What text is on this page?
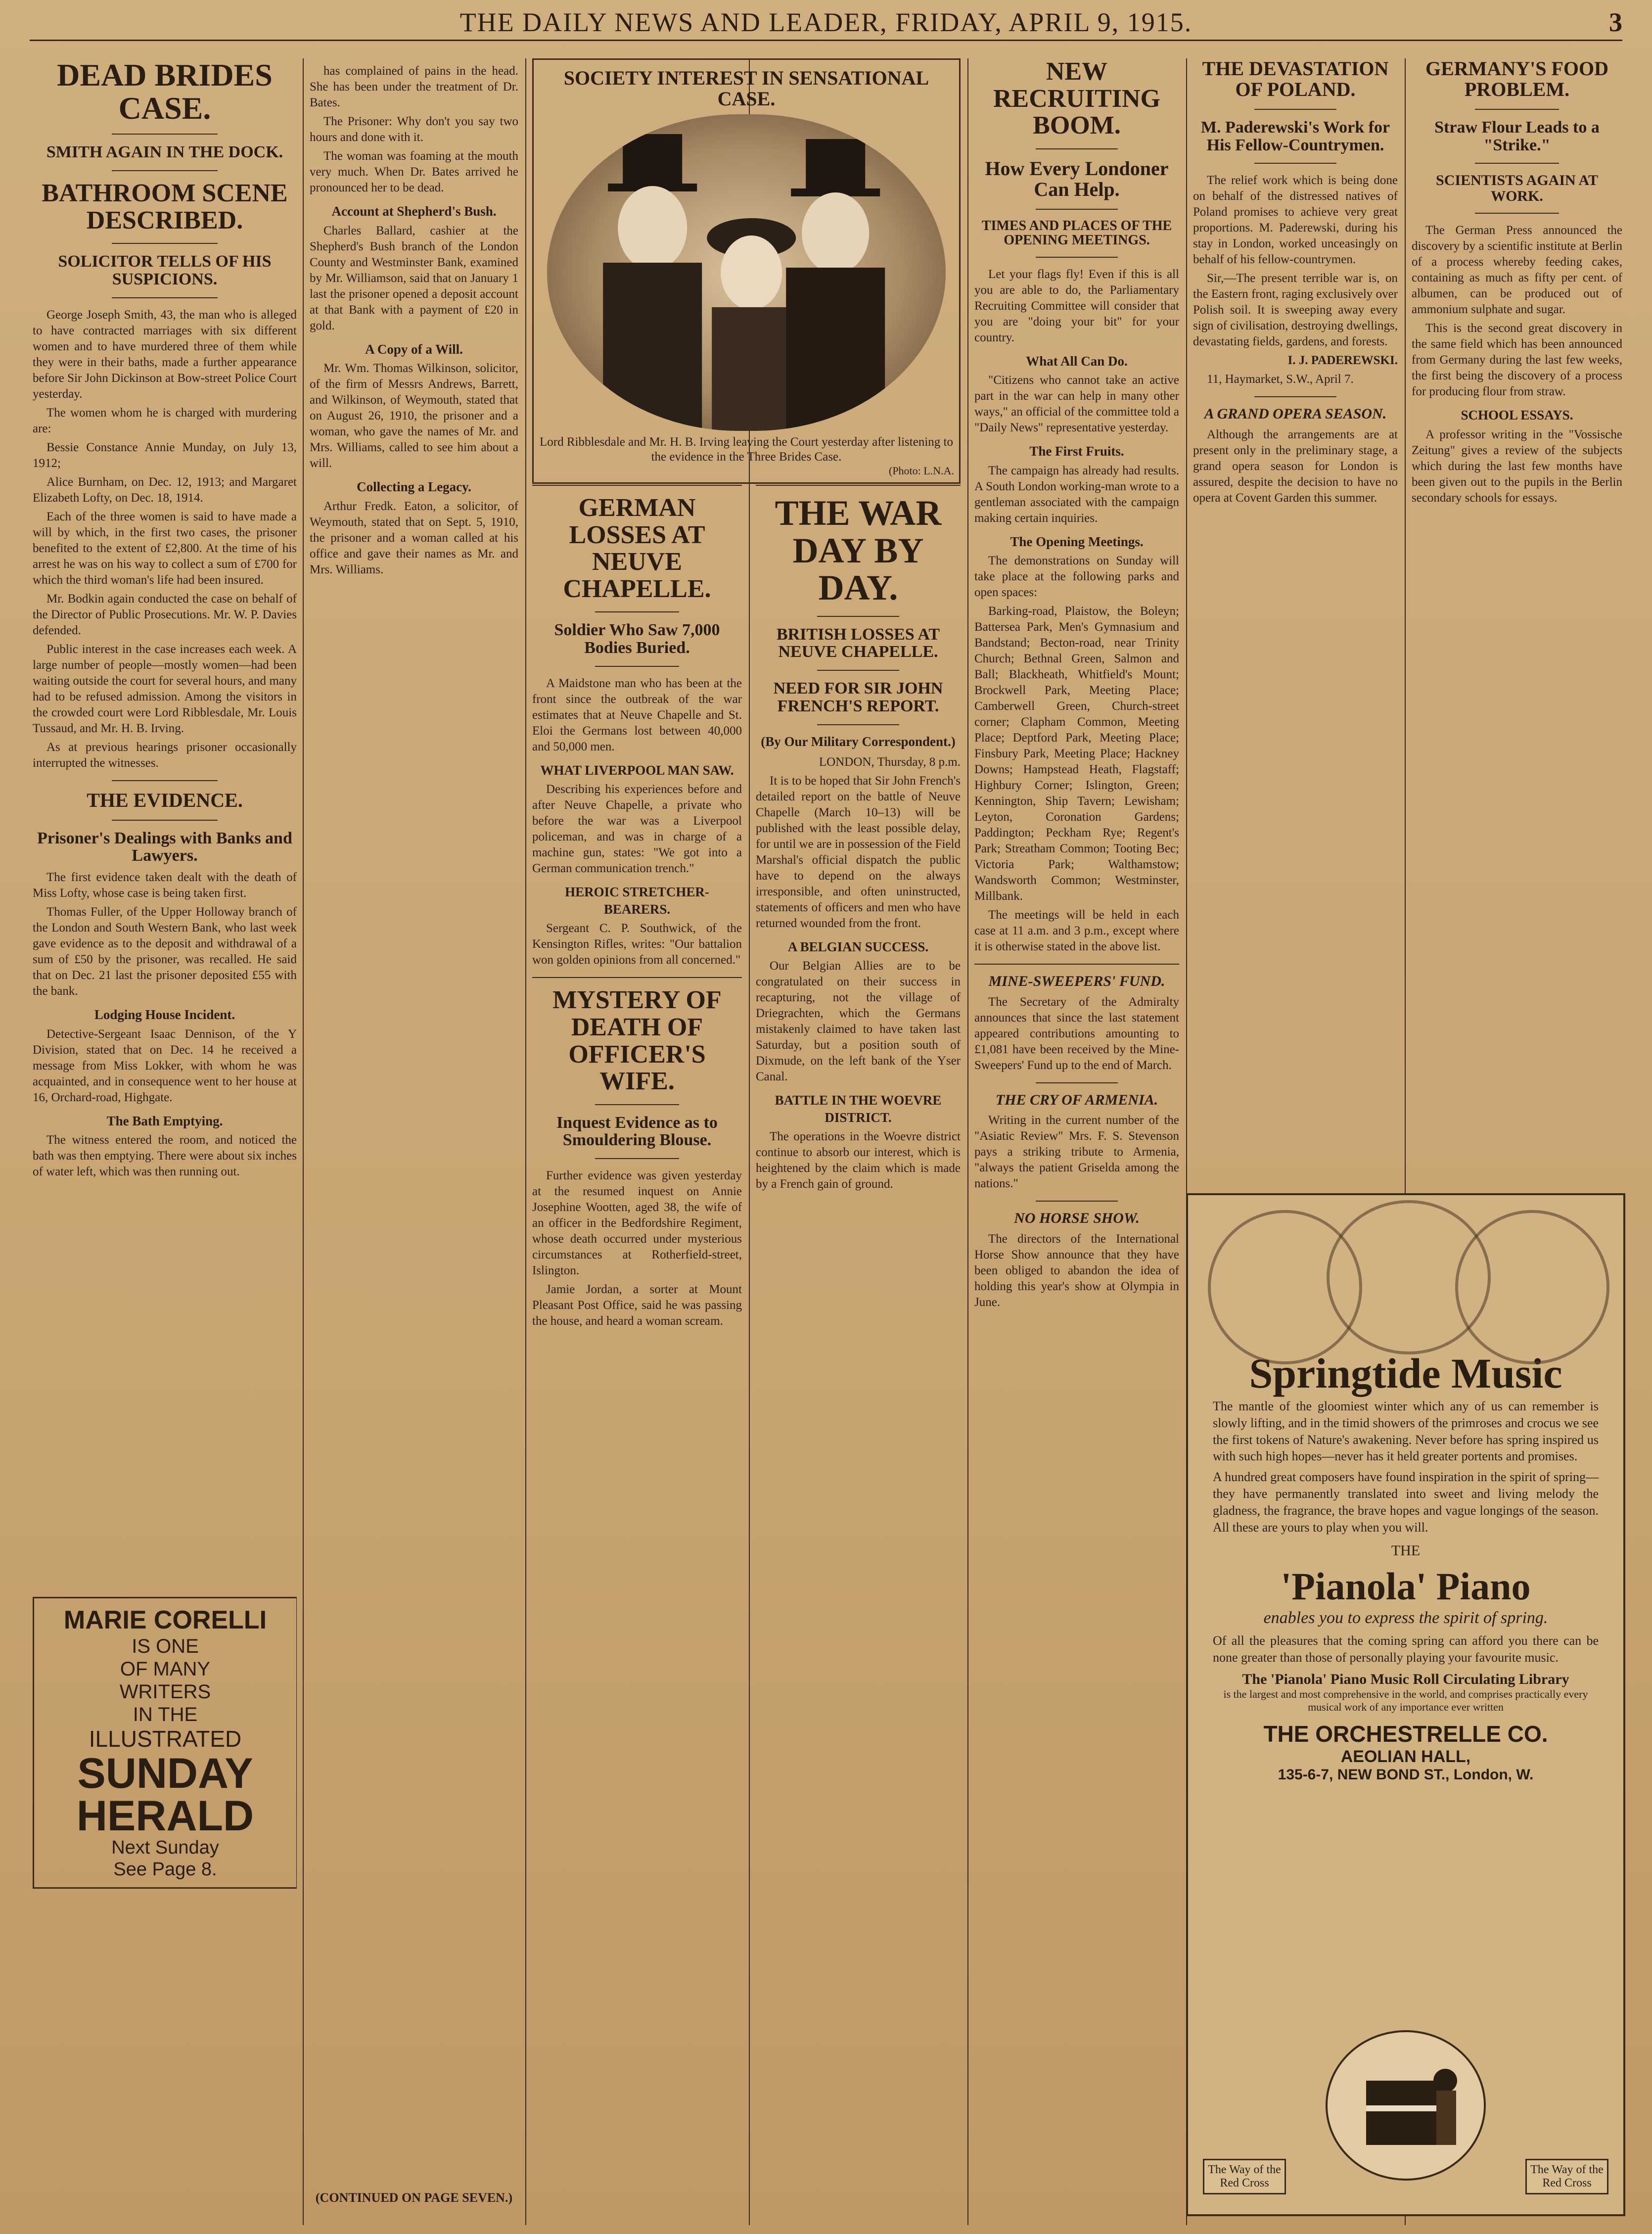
THE DAILY NEWS AND LEADER, FRIDAY, APRIL 9, 1915.	3
DEAD BRIDES CASE.
SMITH AGAIN IN THE DOCK.
BATHROOM SCENE DESCRIBED.
SOLICITOR TELLS OF HIS SUSPICIONS.

George Joseph Smith, 43, the man who is alleged to have contracted marriages with six different women and to have murdered three of them while they were in their baths, made a further appearance before Sir John Dickinson at Bow-street Police Court yesterday.

The women whom he is charged with murdering are:

Bessie Constance Annie Munday, on July 13, 1912;

Alice Burnham, on Dec. 12, 1913; and Margaret Elizabeth Lofty, on Dec. 18, 1914.

Each of the three women is said to have made a will by which, in the first two cases, the prisoner benefited to the extent of £2,800. At the time of his arrest he was on his way to collect a sum of £700 for which the third woman's life had been insured.

Mr. Bodkin again conducted the case on behalf of the Director of Public Prosecutions. Mr. W. P. Davies defended.

Public interest in the case increases each week. A large number of people—mostly women—had been waiting outside the court for several hours, and many had to be refused admission. Among the visitors in the crowded court were Lord Ribblesdale, Mr. Louis Tussaud, and Mr. H. B. Irving.

As at previous hearings prisoner occasionally interrupted the witnesses.

THE EVIDENCE.
Prisoner's Dealings with Banks and Lawyers.

The first evidence taken dealt with the death of Miss Lofty, whose case is being taken first.

Thomas Fuller, of the Upper Holloway branch of the London and South Western Bank, who last week gave evidence as to the deposit and withdrawal of a sum of £50 by the prisoner, was recalled. He said that on Dec. 21 last the prisoner deposited £55 with the bank.

Lodging House Incident.

Detective-Sergeant Isaac Dennison, of the Y Division, stated that on Dec. 14 he received a message from Miss Lokker, with whom he was acquainted, and in consequence went to her house at 16, Orchard-road, Highgate.

The Bath Emptying.

The witness entered the room, and noticed the bath was then emptying. There were about six inches of water left, which was then running out.

MARIE CORELLI
IS ONE
OF MANY
WRITERS
IN THE
ILLUSTRATED
SUNDAY
HERALD
Next Sunday
See Page 8.

has complained of pains in the head. She has been under the treatment of Dr. Bates.

The Prisoner: Why don't you say two hours and done with it.

The woman was foaming at the mouth very much. When Dr. Bates arrived he pronounced her to be dead.

Account at Shepherd's Bush.

Charles Ballard, cashier at the Shepherd's Bush branch of the London County and Westminster Bank, examined by Mr. Williamson, said that on January 1 last the prisoner opened a deposit account at that Bank with a payment of £20 in gold.

A Copy of a Will.

Mr. Wm. Thomas Wilkinson, solicitor, of the firm of Messrs Andrews, Barrett, and Wilkinson, of Weymouth, stated that on August 26, 1910, the prisoner and a woman, who gave the names of Mr. and Mrs. Williams, called to see him about a will.

Collecting a Legacy.

Arthur Fredk. Eaton, a solicitor, of Weymouth, stated that on Sept. 5, 1910, the prisoner and a woman called at his office and gave their names as Mr. and Mrs. Williams.

(CONTINUED ON PAGE SEVEN.)
SOCIETY INTEREST IN SENSATIONAL CASE.
Lord Ribblesdale and Mr. H. B. Irving leaving the Court yesterday after listening to the evidence in the Three Brides Case.
(Photo: L.N.A.
GERMAN LOSSES AT NEUVE CHAPELLE.
Soldier Who Saw 7,000 Bodies Buried.

A Maidstone man who has been at the front since the outbreak of the war estimates that at Neuve Chapelle and St. Eloi the Germans lost between 40,000 and 50,000 men.

WHAT LIVERPOOL MAN SAW.

Describing his experiences before and after Neuve Chapelle, a private who before the war was a Liverpool policeman, and was in charge of a machine gun, states: "We got into a German communication trench."

HEROIC STRETCHER-BEARERS.

Sergeant C. P. Southwick, of the Kensington Rifles, writes: "Our battalion won golden opinions from all concerned."

MYSTERY OF DEATH OF OFFICER'S WIFE.
Inquest Evidence as to Smouldering Blouse.

Further evidence was given yesterday at the resumed inquest on Annie Josephine Wootten, aged 38, the wife of an officer in the Bedfordshire Regiment, whose death occurred under mysterious circumstances at Rotherfield-street, Islington.

Jamie Jordan, a sorter at Mount Pleasant Post Office, said he was passing the house, and heard a woman scream.

THE WAR DAY BY DAY.
BRITISH LOSSES AT NEUVE CHAPELLE.
NEED FOR SIR JOHN FRENCH'S REPORT.
(By Our Military Correspondent.)

LONDON, Thursday, 8 p.m.

It is to be hoped that Sir John French's detailed report on the battle of Neuve Chapelle (March 10–13) will be published with the least possible delay, for until we are in possession of the Field Marshal's official dispatch the public have to depend on the always irresponsible, and often uninstructed, statements of officers and men who have returned wounded from the front.

A BELGIAN SUCCESS.

Our Belgian Allies are to be congratulated on their success in recapturing, not the village of Driegrachten, which the Germans mistakenly claimed to have taken last Saturday, but a position south of Dixmude, on the left bank of the Yser Canal.

BATTLE IN THE WOEVRE DISTRICT.

The operations in the Woevre district continue to absorb our interest, which is heightened by the claim which is made by a French gain of ground.

NEW RECRUITING BOOM.
How Every Londoner Can Help.
TIMES AND PLACES OF THE OPENING MEETINGS.

Let your flags fly! Even if this is all you are able to do, the Parliamentary Recruiting Committee will consider that you are "doing your bit" for your country.

What All Can Do.

"Citizens who cannot take an active part in the war can help in many other ways," an official of the committee told a "Daily News" representative yesterday.

The First Fruits.

The campaign has already had results. A South London working-man wrote to a gentleman associated with the campaign making certain inquiries.

The Opening Meetings.

The demonstrations on Sunday will take place at the following parks and open spaces:

Barking-road, Plaistow, the Boleyn; Battersea Park, Men's Gymnasium and Bandstand; Becton-road, near Trinity Church; Bethnal Green, Salmon and Ball; Blackheath, Whitfield's Mount; Brockwell Park, Meeting Place; Camberwell Green, Church-street corner; Clapham Common, Meeting Place; Deptford Park, Meeting Place; Finsbury Park, Meeting Place; Hackney Downs; Hampstead Heath, Flagstaff; Highbury Corner; Islington, Green; Kennington, Ship Tavern; Lewisham; Leyton, Coronation Gardens; Paddington; Peckham Rye; Regent's Park; Streatham Common; Tooting Bec; Victoria Park; Walthamstow; Wandsworth Common; Westminster, Millbank.

The meetings will be held in each case at 11 a.m. and 3 p.m., except where it is otherwise stated in the above list.

MINE-SWEEPERS' FUND.

The Secretary of the Admiralty announces that since the last statement appeared contributions amounting to £1,081 have been received by the Mine-Sweepers' Fund up to the end of March.

THE CRY OF ARMENIA.

Writing in the current number of the "Asiatic Review" Mrs. F. S. Stevenson pays a striking tribute to Armenia, "always the patient Griselda among the nations."

NO HORSE SHOW.

The directors of the International Horse Show announce that they have been obliged to abandon the idea of holding this year's show at Olympia in June.

THE DEVASTATION OF POLAND.
M. Paderewski's Work for His Fellow-Countrymen.

The relief work which is being done on behalf of the distressed natives of Poland promises to achieve very great proportions. M. Paderewski, during his stay in London, worked unceasingly on behalf of his fellow-countrymen.

Sir,—The present terrible war is, on the Eastern front, raging exclusively over Polish soil. It is sweeping away every sign of civilisation, destroying dwellings, devastating fields, gardens, and forests.

I. J. PADEREWSKI.

11, Haymarket, S.W., April 7.

A GRAND OPERA SEASON.

Although the arrangements are at present only in the preliminary stage, a grand opera season for London is assured, despite the decision to have no opera at Covent Garden this summer.

GERMANY'S FOOD PROBLEM.
Straw Flour Leads to a "Strike."
SCIENTISTS AGAIN AT WORK.

The German Press announced the discovery by a scientific institute at Berlin of a process whereby feeding cakes, containing as much as fifty per cent. of albumen, can be produced out of ammonium sulphate and sugar.

This is the second great discovery in the same field which has been announced from Germany during the last few weeks, the first being the discovery of a process for producing flour from straw.

SCHOOL ESSAYS.

A professor writing in the "Vossische Zeitung" gives a review of the subjects which during the last few months have been given out to the pupils in the Berlin secondary schools for essays.

Springtide Music
The mantle of the gloomiest winter which any of us can remember is slowly lifting, and in the timid showers of the primroses and crocus we see the first tokens of Nature's awakening. Never before has spring inspired us with such high hopes—never has it held greater portents and promises.
A hundred great composers have found inspiration in the spirit of spring—they have permanently translated into sweet and living melody the gladness, the fragrance, the brave hopes and vague longings of the season. All these are yours to play when you will.
THE
'Pianola' Piano
enables you to express the spirit of spring.
Of all the pleasures that the coming spring can afford you there can be none greater than those of personally playing your favourite music.
The 'Pianola' Piano Music Roll Circulating Library
is the largest and most comprehensive in the world, and comprises practically every musical work of any importance ever written
THE ORCHESTRELLE CO.
AEOLIAN HALL,
135-6-7, NEW BOND ST., London, W.
The Way of the Red Cross
The Way of the Red Cross
